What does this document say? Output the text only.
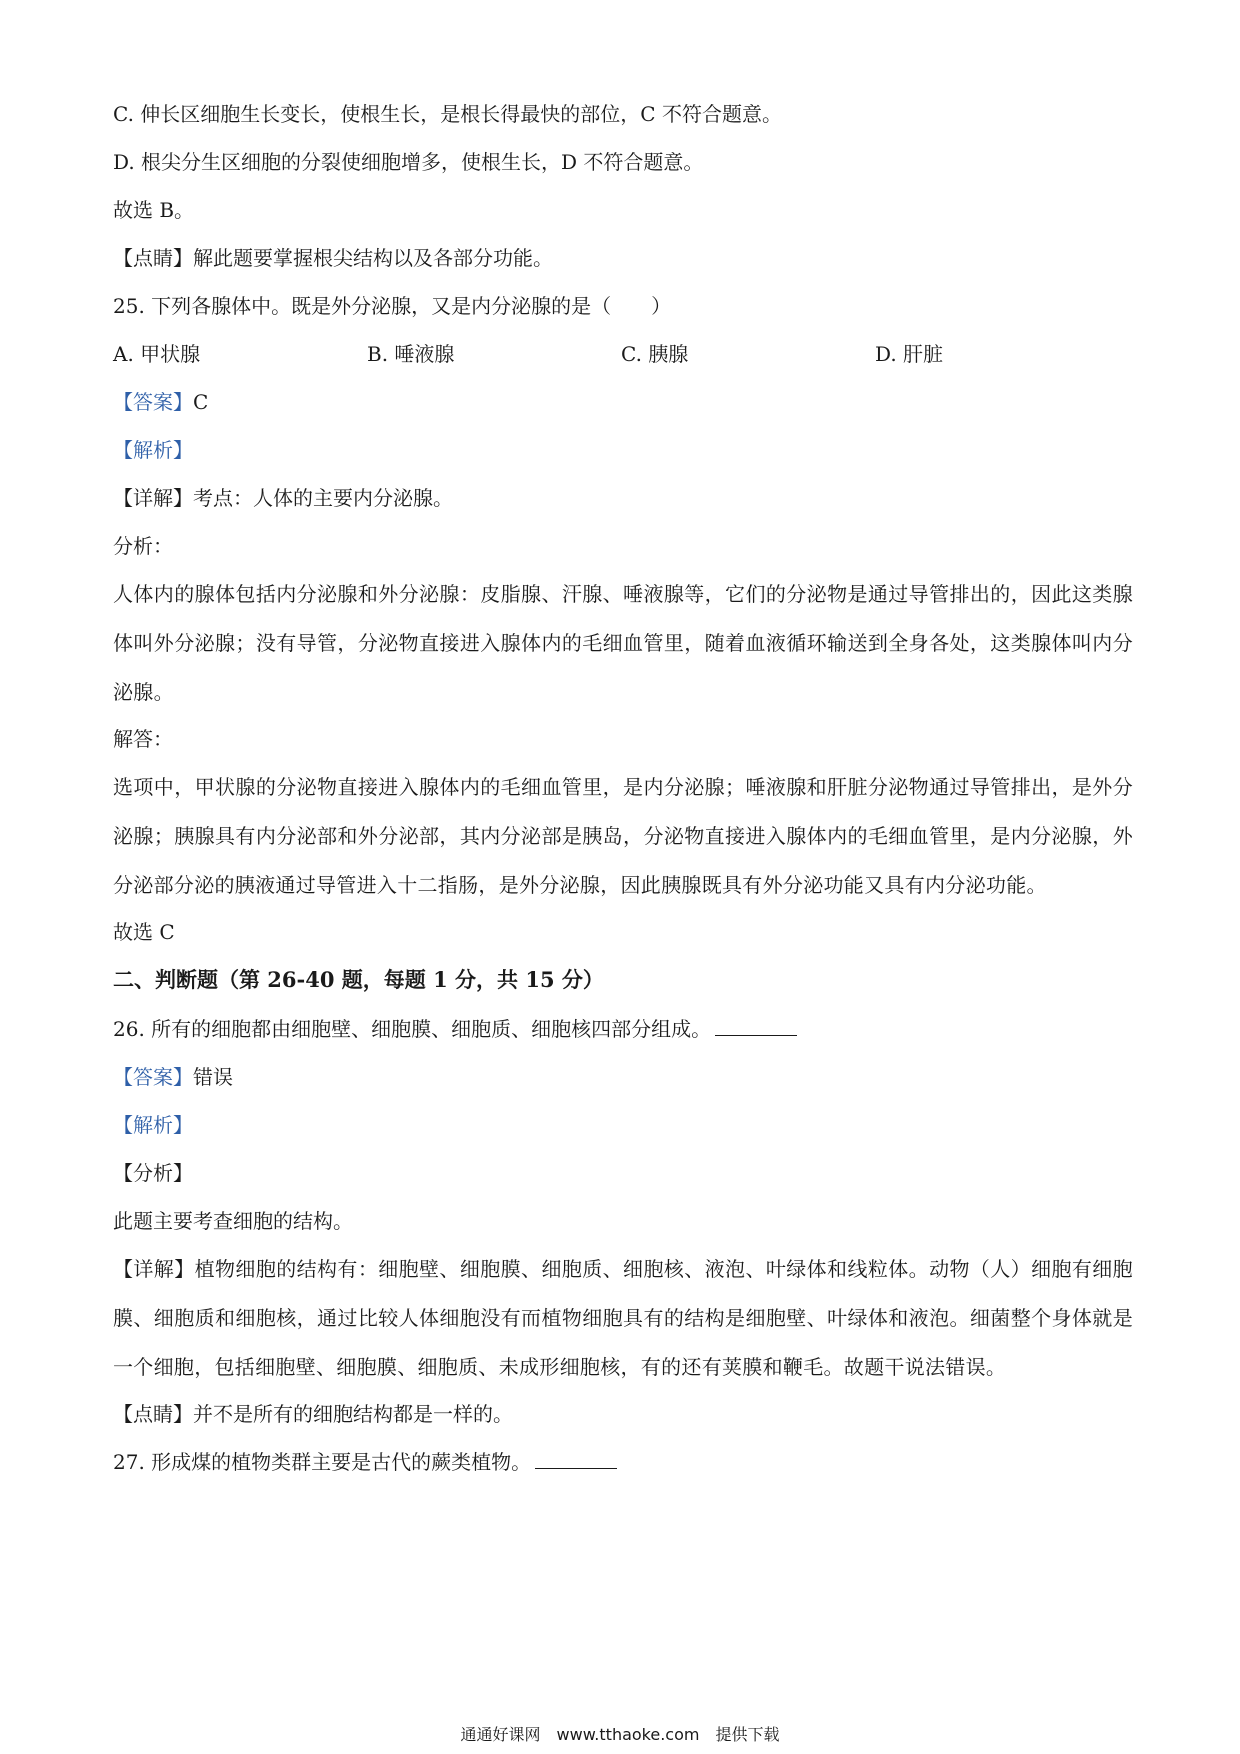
C. 伸长区细胞生长变长，使根生长，是根长得最快的部位，C 不符合题意。

D. 根尖分生区细胞的分裂使细胞增多，使根生长，D 不符合题意。

故选 B。

【点睛】解此题要掌握根尖结构以及各部分功能。

25. 下列各腺体中。既是外分泌腺，又是内分泌腺的是（　　）

A. 甲状腺	B. 唾液腺	C. 胰腺	D. 肝脏

【答案】C

【解析】

【详解】考点：人体的主要内分泌腺。

分析：

人体内的腺体包括内分泌腺和外分泌腺：皮脂腺、汗腺、唾液腺等，它们的分泌物是通过导管排出的，因此这类腺体叫外分泌腺；没有导管，分泌物直接进入腺体内的毛细血管里，随着血液循环输送到全身各处，这类腺体叫内分泌腺。

解答：

选项中，甲状腺的分泌物直接进入腺体内的毛细血管里，是内分泌腺；唾液腺和肝脏分泌物通过导管排出，是外分泌腺；胰腺具有内分泌部和外分泌部，其内分泌部是胰岛，分泌物直接进入腺体内的毛细血管里，是内分泌腺，外分泌部分泌的胰液通过导管进入十二指肠，是外分泌腺，因此胰腺既具有外分泌功能又具有内分泌功能。

故选 C

二、判断题（第 26-40 题，每题 1 分，共 15 分）

26. 所有的细胞都由细胞壁、细胞膜、细胞质、细胞核四部分组成。

【答案】错误

【解析】

【分析】

此题主要考查细胞的结构。

【详解】植物细胞的结构有：细胞壁、细胞膜、细胞质、细胞核、液泡、叶绿体和线粒体。动物（人）细胞有细胞膜、细胞质和细胞核，通过比较人体细胞没有而植物细胞具有的结构是细胞壁、叶绿体和液泡。细菌整个身体就是一个细胞，包括细胞壁、细胞膜、细胞质、未成形细胞核，有的还有荚膜和鞭毛。故题干说法错误。

【点睛】并不是所有的细胞结构都是一样的。

27. 形成煤的植物类群主要是古代的蕨类植物。

通通好课网　www.tthaoke.com　提供下载
